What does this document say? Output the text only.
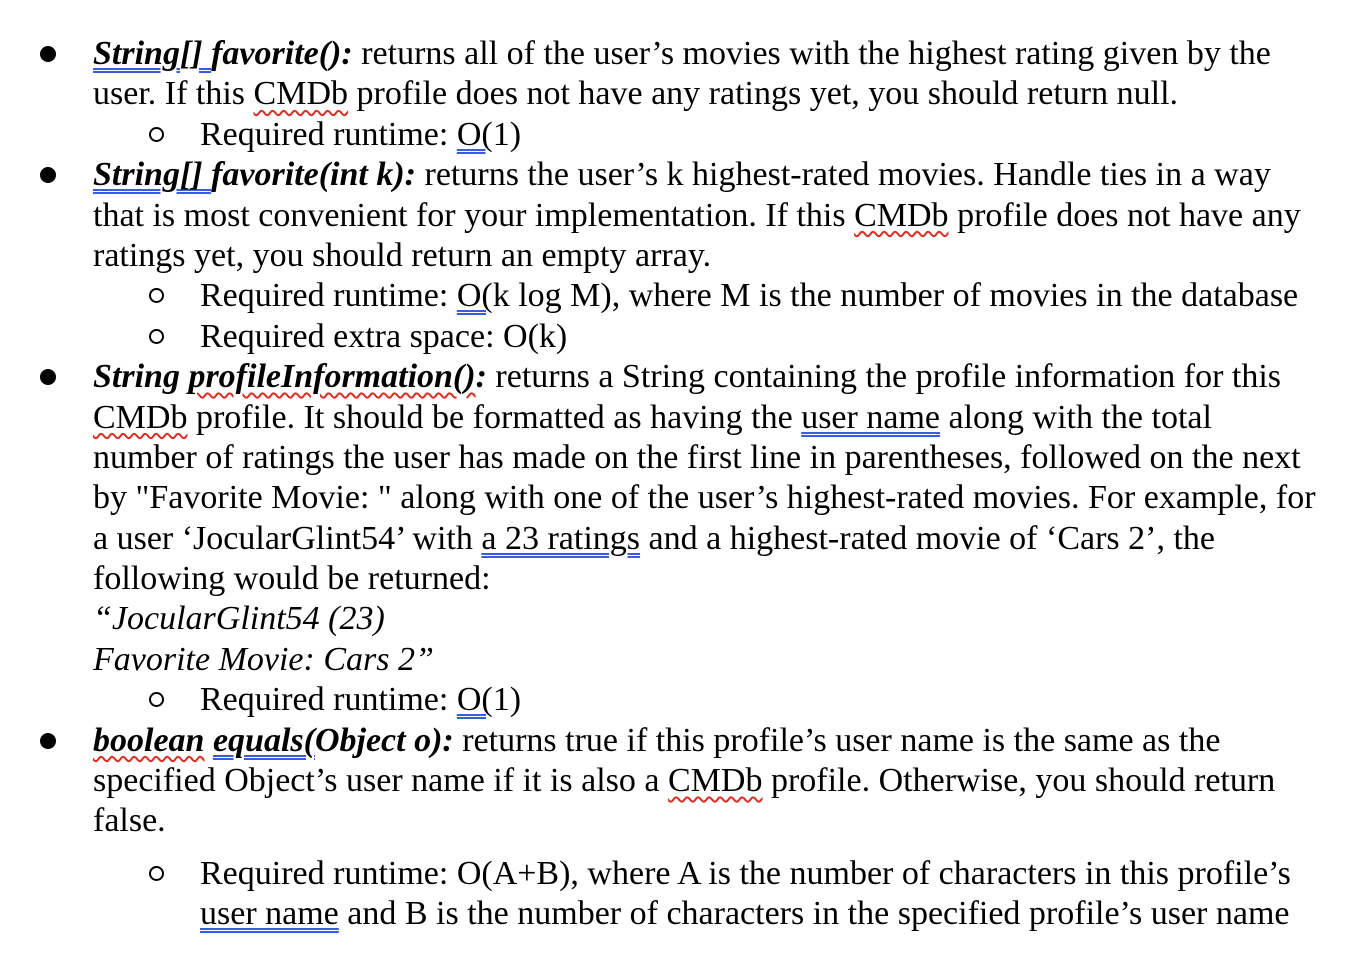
String[] favorite(): returns all of the user’s movies with the highest rating given by the
user. If this CMDb profile does not have any ratings yet, you should return null.
Required runtime: O(1)
String[] favorite(int k): returns the user’s k highest-rated movies. Handle ties in a way
that is most convenient for your implementation. If this CMDb profile does not have any
ratings yet, you should return an empty array.
Required runtime: O(k log M), where M is the number of movies in the database
Required extra space: O(k)
String profileInformation(): returns a String containing the profile information for this
CMDb profile. It should be formatted as having the user name along with the total
number of ratings the user has made on the first line in parentheses, followed on the next
by "Favorite Movie: " along with one of the user’s highest-rated movies. For example, for
a user ‘JocularGlint54’ with a 23 ratings and a highest-rated movie of ‘Cars 2’, the
following would be returned:
“JocularGlint54 (23)
Favorite Movie: Cars 2”
Required runtime: O(1)
boolean equals(Object o): returns true if this profile’s user name is the same as the
specified Object’s user name if it is also a CMDb profile. Otherwise, you should return
false.
Required runtime: O(A+B), where A is the number of characters in this profile’s
user name and B is the number of characters in the specified profile’s user name
